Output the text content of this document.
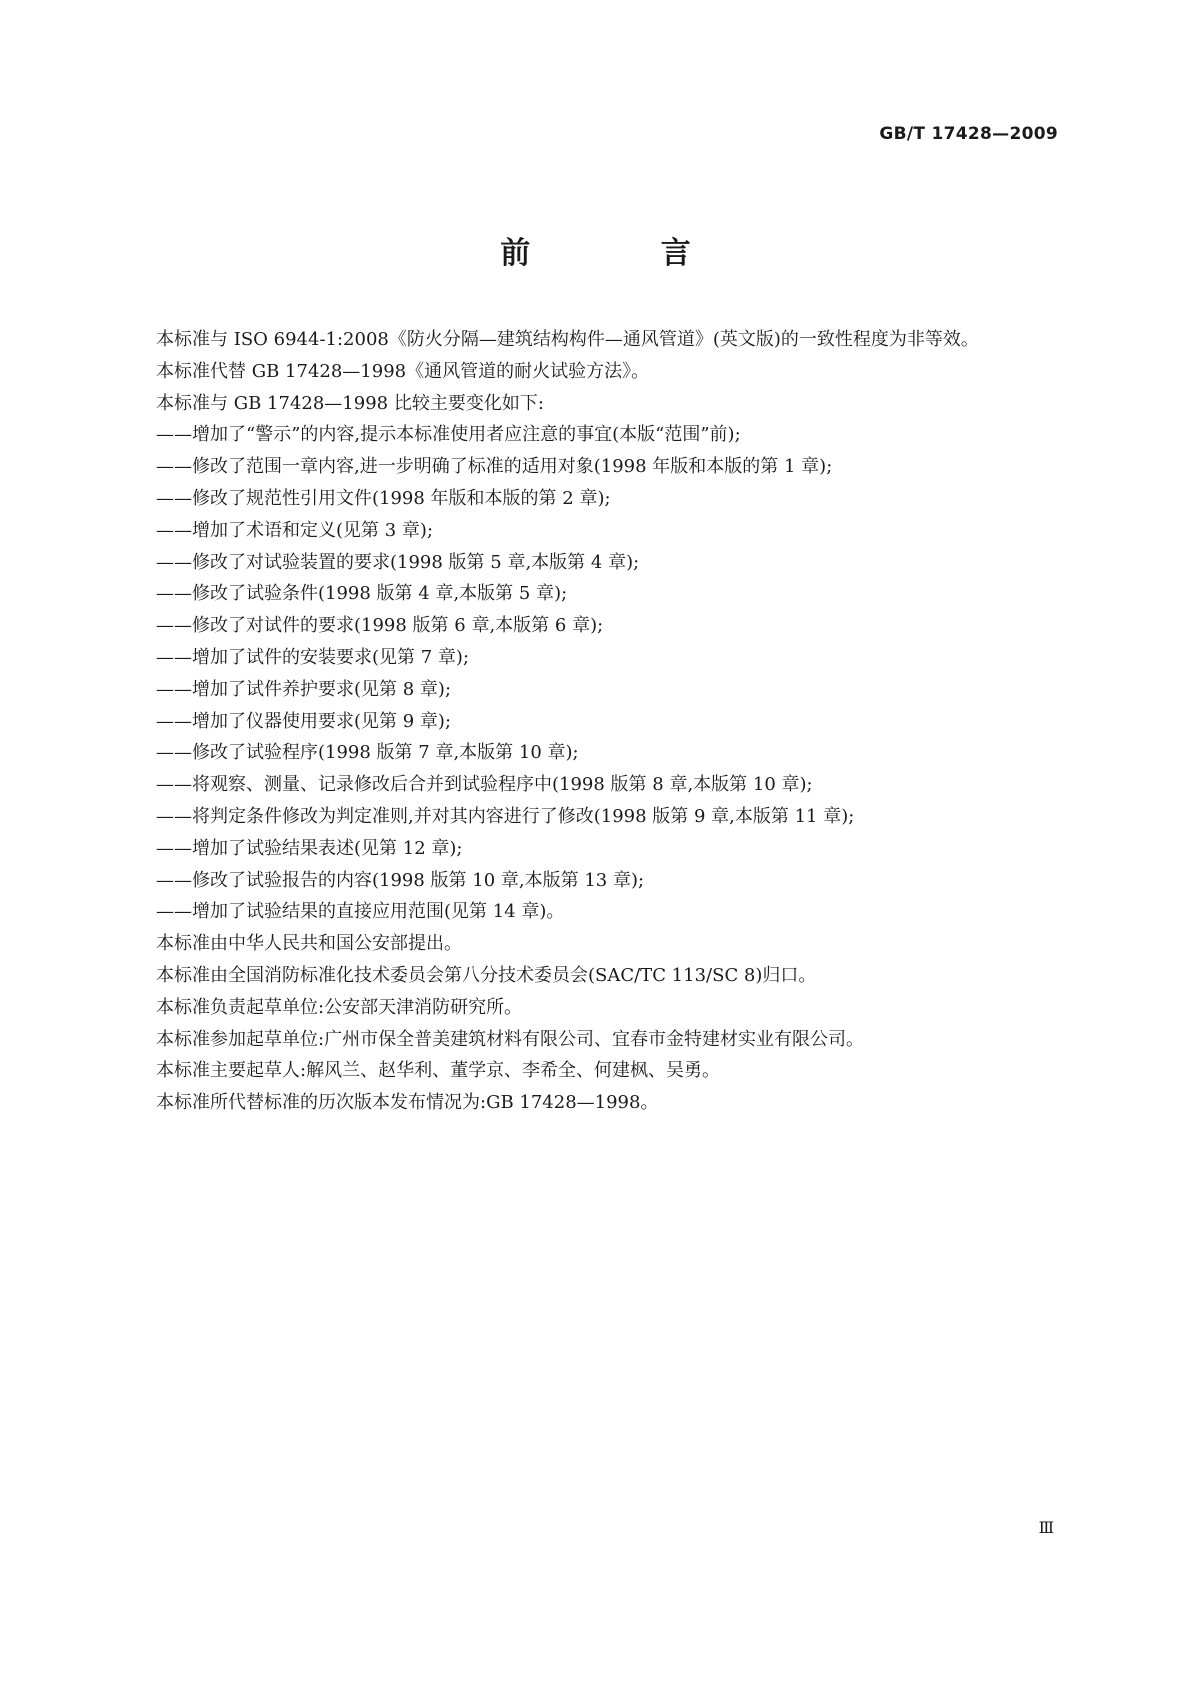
GB/T 17428—2009
前 言

本标准与 ISO 6944-1:2008《防火分隔—建筑结构构件—通风管道》(英文版)的一致性程度为非等效。

本标准代替 GB 17428—1998《通风管道的耐火试验方法》。

本标准与 GB 17428—1998 比较主要变化如下:

——增加了“警示”的内容,提示本标准使用者应注意的事宜(本版“范围”前);

——修改了范围一章内容,进一步明确了标准的适用对象(1998 年版和本版的第 1 章);

——修改了规范性引用文件(1998 年版和本版的第 2 章);

——增加了术语和定义(见第 3 章);

——修改了对试验装置的要求(1998 版第 5 章,本版第 4 章);

——修改了试验条件(1998 版第 4 章,本版第 5 章);

——修改了对试件的要求(1998 版第 6 章,本版第 6 章);

——增加了试件的安装要求(见第 7 章);

——增加了试件养护要求(见第 8 章);

——增加了仪器使用要求(见第 9 章);

——修改了试验程序(1998 版第 7 章,本版第 10 章);

——将观察、测量、记录修改后合并到试验程序中(1998 版第 8 章,本版第 10 章);

——将判定条件修改为判定准则,并对其内容进行了修改(1998 版第 9 章,本版第 11 章);

——增加了试验结果表述(见第 12 章);

——修改了试验报告的内容(1998 版第 10 章,本版第 13 章);

——增加了试验结果的直接应用范围(见第 14 章)。

本标准由中华人民共和国公安部提出。

本标准由全国消防标准化技术委员会第八分技术委员会(SAC/TC 113/SC 8)归口。

本标准负责起草单位:公安部天津消防研究所。

本标准参加起草单位:广州市保全普美建筑材料有限公司、宜春市金特建材实业有限公司。

本标准主要起草人:解风兰、赵华利、董学京、李希全、何建枫、吴勇。

本标准所代替标准的历次版本发布情况为:GB 17428—1998。

Ⅲ
